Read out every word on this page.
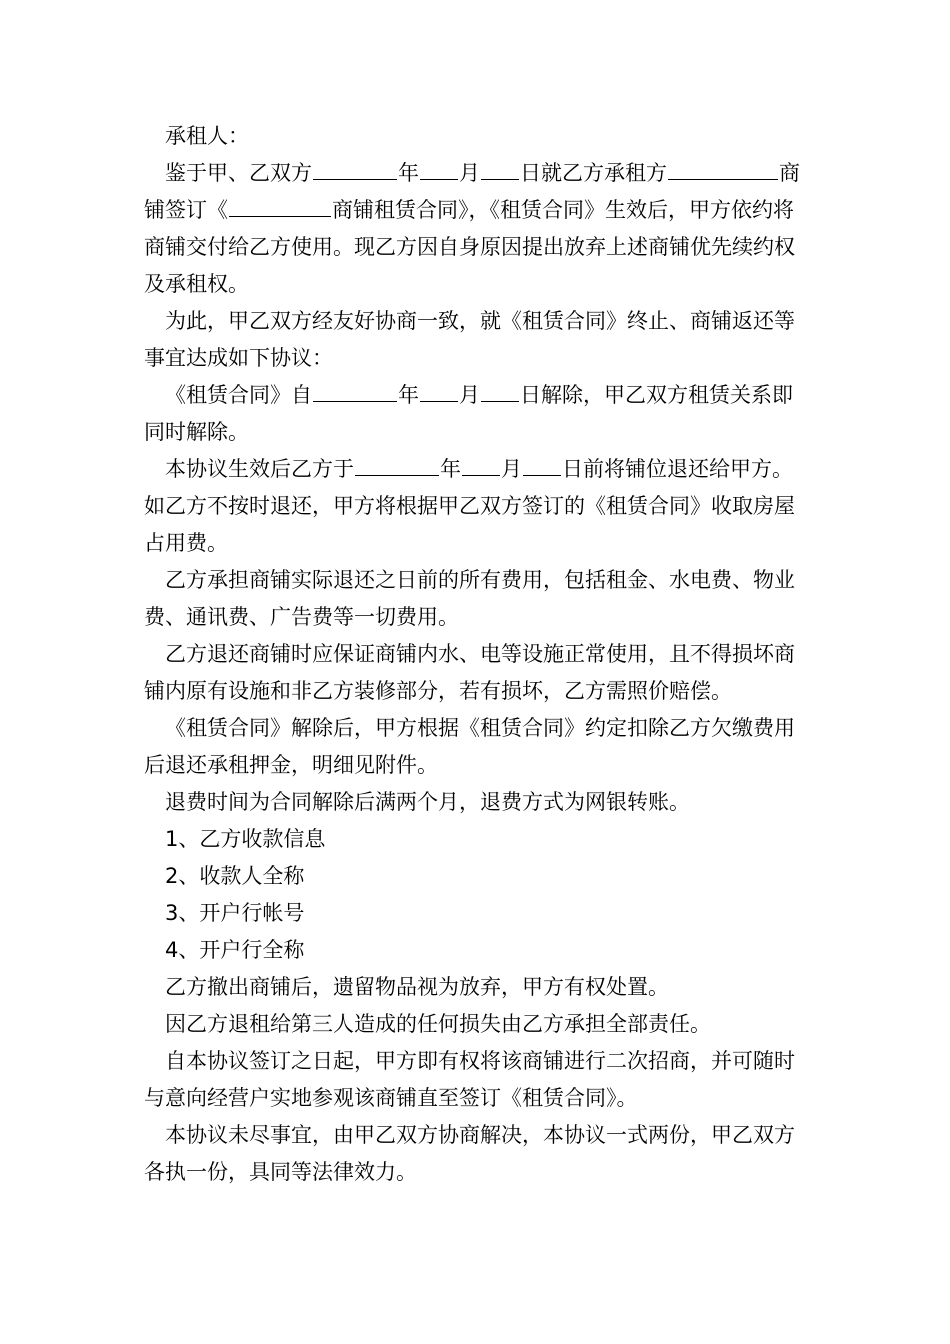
承租人：

鉴于甲、乙双方	年 月 日就乙方承租方	商铺签订《	商铺租赁合同》，《租赁合同》生效后，甲方依约将商铺交付给乙方使用。现乙方因自身原因提出放弃上述商铺优先续约权及承租权。

为此，甲乙双方经友好协商一致，就《租赁合同》终止、商铺返还等事宜达成如下协议：

《租赁合同》自	年 月 日解除，甲乙双方租赁关系即同时解除。

本协议生效后乙方于	年 月 日前将铺位退还给甲方。如乙方不按时退还，甲方将根据甲乙双方签订的《租赁合同》收取房屋占用费。

乙方承担商铺实际退还之日前的所有费用，包括租金、水电费、物业费、通讯费、广告费等一切费用。

乙方退还商铺时应保证商铺内水、电等设施正常使用，且不得损坏商铺内原有设施和非乙方装修部分，若有损坏，乙方需照价赔偿。

《租赁合同》解除后，甲方根据《租赁合同》约定扣除乙方欠缴费用后退还承租押金，明细见附件。

退费时间为合同解除后满两个月，退费方式为网银转账。

1、乙方收款信息

2、收款人全称

3、开户行帐号

4、开户行全称

乙方撤出商铺后，遗留物品视为放弃，甲方有权处置。

因乙方退租给第三人造成的任何损失由乙方承担全部责任。

自本协议签订之日起，甲方即有权将该商铺进行二次招商，并可随时与意向经营户实地参观该商铺直至签订《租赁合同》。

本协议未尽事宜，由甲乙双方协商解决，本协议一式两份，甲乙双方各执一份，具同等法律效力。
